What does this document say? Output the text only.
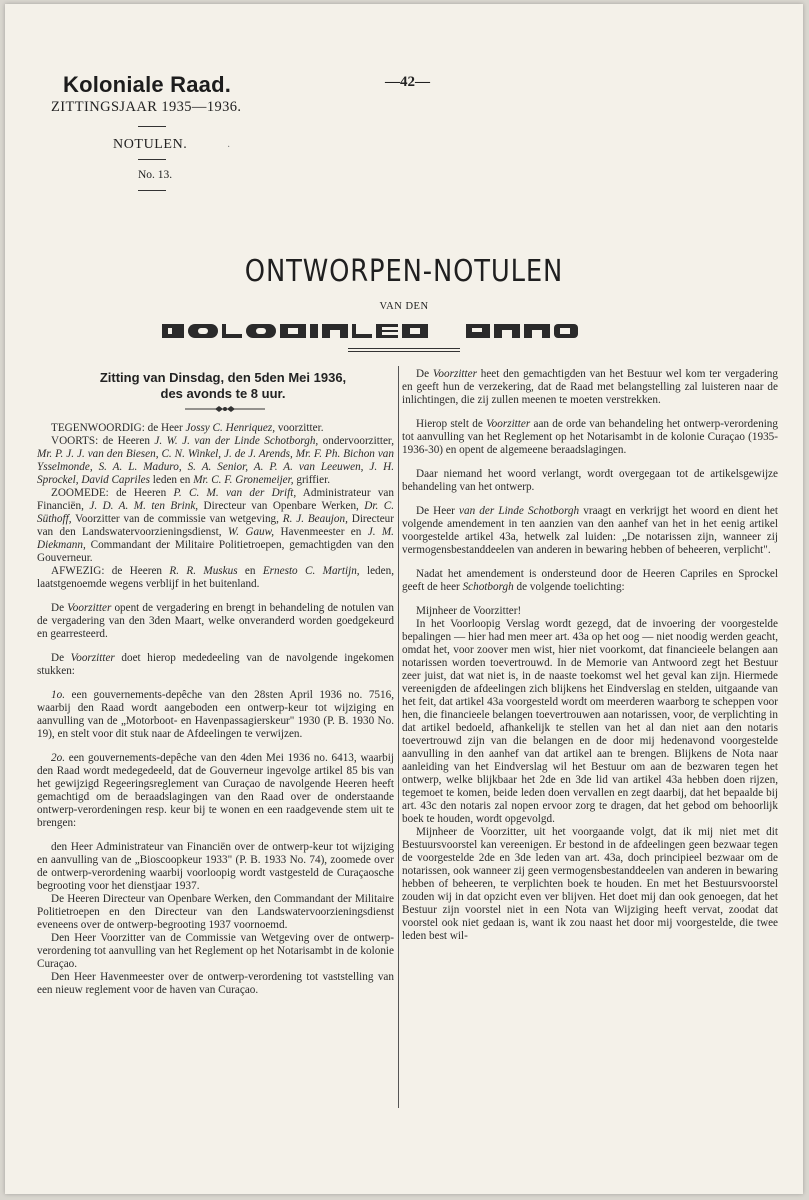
Koloniale Raad.
ZITTINGSJAAR 1935—1936.
—42—
NOTULEN.	·
No. 13.
ONTWORPEN-NOTULEN
VAN DEN
Zitting van Dinsdag, den 5den Mei 1936,
des avonds te 8 uur.

TEGENWOORDIG: de Heer Jossy C. Henriquez, voorzitter.

VOORTS: de Heeren J. W. J. van der Linde Schotborgh, ondervoorzitter, Mr. P. J. J. van den Biesen, C. N. Winkel, J. de J. Arends, Mr. F. Ph. Bichon van Ysselmonde, S. A. L. Maduro, S. A. Senior, A. P. A. van Leeuwen, J. H. Sprockel, David Capriles leden en Mr. C. F. Gronemeijer, griffier.

ZOOMEDE: de Heeren P. C. M. van der Drift, Administrateur van Financiën, J. D. A. M. ten Brink, Directeur van Openbare Werken, Dr. C. Süthoff, Voorzitter van de commissie van wetgeving, R. J. Beaujon, Directeur van den Landswatervoorzieningsdienst, W. Gauw, Havenmeester en J. M. Diekmann, Commandant der Militaire Politietroepen, gemachtigden van den Gouverneur.

AFWEZIG: de Heeren R. R. Muskus en Ernesto C. Martijn, leden, laatstgenoemde wegens verblijf in het buitenland.

De Voorzitter opent de vergadering en brengt in behandeling de notulen van de vergadering van den 3den Maart, welke onveranderd worden goedgekeurd en gearresteerd.

De Voorzitter doet hierop mededeeling van de navolgende ingekomen stukken:

1o. een gouvernements-depêche van den 28sten April 1936 no. 7516, waarbij den Raad wordt aangeboden een ontwerp-keur tot wijziging en aanvulling van de „Motorboot- en Havenpassagierskeur" 1930 (P. B. 1930 No. 19), en stelt voor dit stuk naar de Afdeelingen te verwijzen.

2o. een gouvernements-depêche van den 4den Mei 1936 no. 6413, waarbij den Raad wordt medegedeeld, dat de Gouverneur ingevolge artikel 85 bis van het gewijzigd Regeeringsreglement van Curaçao de navolgende Heeren heeft gemachtigd om de beraadslagingen van den Raad over de onderstaande ontwerp-verordeningen resp. keur bij te wonen en een raadgevende stem uit te brengen:

den Heer Administrateur van Financiën over de ontwerp-keur tot wijziging en aanvulling van de „Bioscoopkeur 1933" (P. B. 1933 No. 74), zoomede over de ontwerp-verordening waarbij voorloopig wordt vastgesteld de Curaçaosche begrooting voor het dienstjaar 1937.

De Heeren Directeur van Openbare Werken, den Commandant der Militaire Politietroepen en den Directeur van den Landswatervoorzieningsdienst eveneens over de ontwerp-begrooting 1937 voornoemd.

Den Heer Voorzitter van de Commissie van Wetgeving over de ontwerp-verordening tot aanvulling van het Reglement op het Notarisambt in de kolonie Curaçao.

Den Heer Havenmeester over de ontwerp-verordening tot vaststelling van een nieuw reglement voor de haven van Curaçao.

De Voorzitter heet den gemachtigden van het Bestuur wel kom ter vergadering en geeft hun de verzekering, dat de Raad met belangstelling zal luisteren naar de inlichtingen, die zij zullen meenen te moeten verstrekken.

Hierop stelt de Voorzitter aan de orde van behandeling het ontwerp-verordening tot aanvulling van het Reglement op het Notarisambt in de kolonie Curaçao (1935-1936-30) en opent de algemeene beraadslagingen.

Daar niemand het woord verlangt, wordt overgegaan tot de artikelsgewijze behandeling van het ontwerp.

De Heer van der Linde Schotborgh vraagt en verkrijgt het woord en dient het volgende amendement in ten aanzien van den aanhef van het in het eenig artikel voorgestelde artikel 43a, hetwelk zal luiden: „De notarissen zijn, wanneer zij vermogensbestanddeelen van anderen in bewaring hebben of beheeren, verplicht".

Nadat het amendement is ondersteund door de Heeren Capriles en Sprockel geeft de heer Schotborgh de volgende toelichting:

Mijnheer de Voorzitter!

In het Voorloopig Verslag wordt gezegd, dat de invoering der voorgestelde bepalingen — hier had men meer art. 43a op het oog — niet noodig werden geacht, omdat het, voor zoover men wist, hier niet voorkomt, dat financieele belangen aan notarissen worden toevertrouwd. In de Memorie van Antwoord zegt het Bestuur zeer juist, dat wat niet is, in de naaste toekomst wel het geval kan zijn. Hiermede vereenigden de afdeelingen zich blijkens het Eindverslag en stelden, uitgaande van het feit, dat artikel 43a voorgesteld wordt om meerderen waarborg te scheppen voor hen, die financieele belangen toevertrouwen aan notarissen, voor, de verplichting in dat artikel bedoeld, afhankelijk te stellen van het al dan niet aan den notaris toevertrouwd zijn van die belangen en de door mij hedenavond voorgestelde aanvulling in den aanhef van dat artikel aan te brengen. Blijkens de Nota naar aanleiding van het Eindverslag wil het Bestuur om aan de bezwaren tegen het ontwerp, welke blijkbaar het 2de en 3de lid van artikel 43a hebben doen rijzen, tegemoet te komen, beide leden doen vervallen en zegt daarbij, dat het bepaalde bij art. 43c den notaris zal nopen ervoor zorg te dragen, dat het gebod om behoorlijk boek te houden, wordt opgevolgd.

Mijnheer de Voorzitter, uit het voorgaande volgt, dat ik mij niet met dit Bestuursvoorstel kan vereenigen. Er bestond in de afdeelingen geen bezwaar tegen de voorgestelde 2de en 3de leden van art. 43a, doch principieel bezwaar om de notarissen, ook wanneer zij geen vermogensbestanddeelen van anderen in bewaring hebben of beheeren, te verplichten boek te houden. En met het Bestuursvoorstel zouden wij in dat opzicht even ver blijven. Het doet mij dan ook genoegen, dat het Bestuur zijn voorstel niet in een Nota van Wijziging heeft vervat, zoodat dat voorstel ook niet gedaan is, want ik zou naast het door mij voorgestelde, die twee leden best wil-
